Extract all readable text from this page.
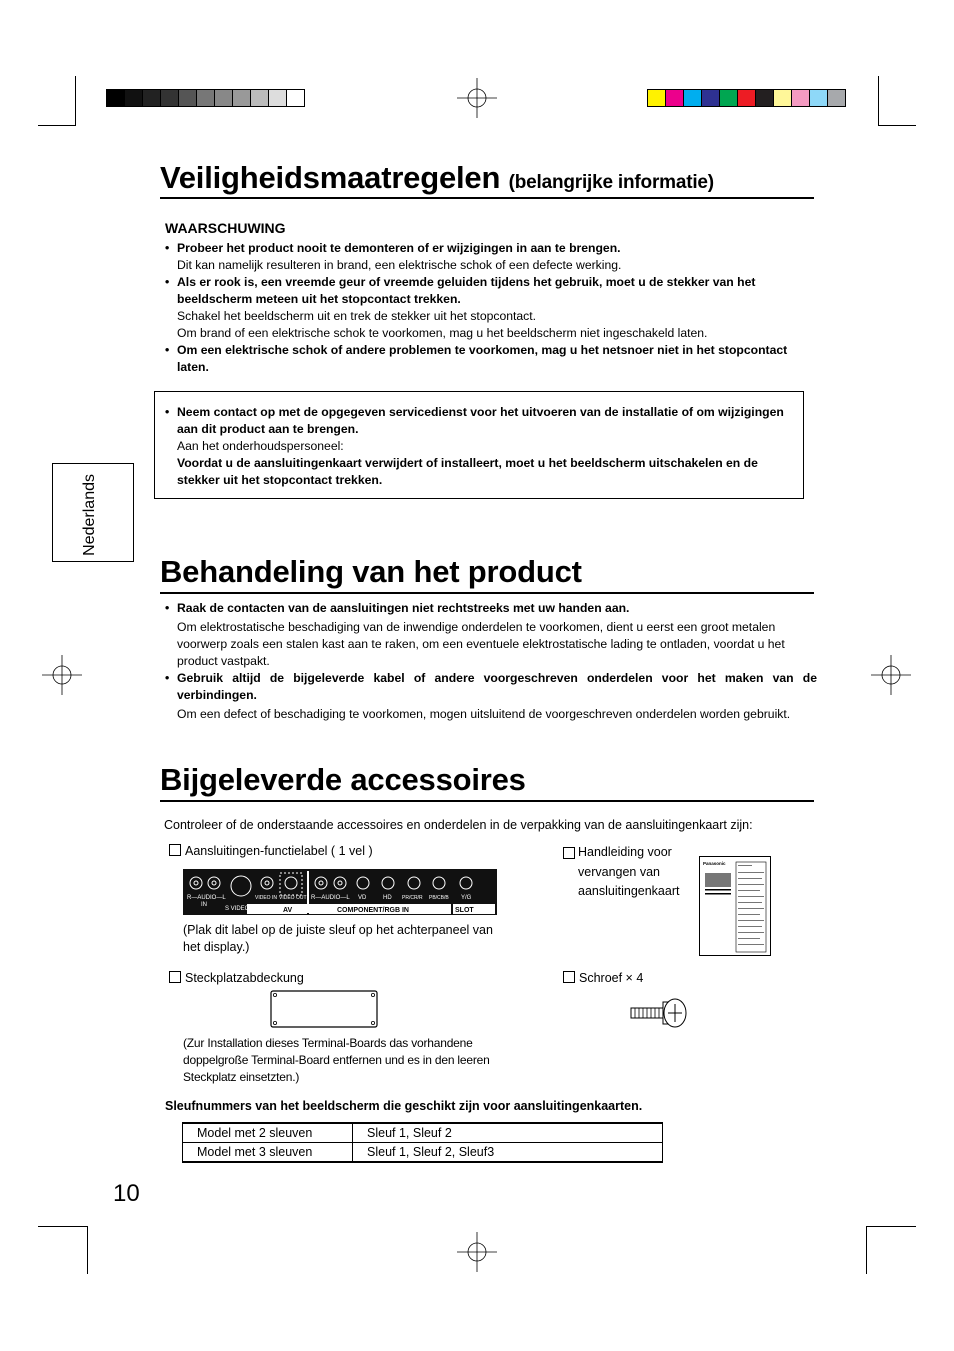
Nederlands
Veiligheidsmaatregelen (belangrijke informatie)
WAARSCHUWING
• Probeer het product nooit te demonteren of er wijzigingen in aan te brengen.
Dit kan namelijk resulteren in brand, een elektrische schok of een defecte werking.
• Als er rook is, een vreemde geur of vreemde geluiden tijdens het gebruik, moet u de stekker van het beeldscherm meteen uit het stopcontact trekken.
Schakel het beeldscherm uit en trek de stekker uit het stopcontact.
Om brand of een elektrische schok te voorkomen, mag u het beeldscherm niet ingeschakeld laten.
• Om een elektrische schok of andere problemen te voorkomen, mag u het netsnoer niet in het stopcontact laten.
• Neem contact op met de opgegeven servicedienst voor het uitvoeren van de installatie of om wijzigingen aan dit product aan te brengen.
Aan het onderhoudspersoneel:
Voordat u de aansluitingenkaart verwijdert of installeert, moet u het beeldscherm uitschakelen en de stekker uit het stopcontact trekken.
Behandeling van het product
• Raak de contacten van de aansluitingen niet rechtstreeks met uw handen aan.
Om elektrostatische beschadiging van de inwendige onderdelen te voorkomen, dient u eerst een groot metalen voorwerp zoals een stalen kast aan te raken, om een eventuele elektrostatische lading te ontladen, voordat u het product vastpakt.
• Gebruik altijd de bijgeleverde kabel of andere voorgeschreven onderdelen voor het maken van de verbindingen.
Om een defect of beschadiging te voorkomen, mogen uitsluitend de voorgeschreven onderdelen worden gebruikt.
Bijgeleverde accessoires
Controleer of de onderstaande accessoires en onderdelen in de verpakking van de aansluitingenkaart zijn:
Aansluitingen-functielabel ( 1 vel )
R—AUDIO—L
IN
S VIDEO IN
VIDEO IN VIDEO OUT R—AUDIO—L VD	HD PR/CR/R PB/CB/B Y/G
AV	COMPONENT/RGB IN	SLOT
(Plak dit label op de juiste sleuf op het achterpaneel van het display.)
Handleiding voor vervangen van aansluitingenkaart
Panasonic
Steckplatzabdeckung
(Zur Installation dieses Terminal-Boards das vorhandene doppelgroße Terminal-Board entfernen und es in den leeren Steckplatz einsetzten.)
Schroef × 4
Sleufnummers van het beeldscherm die geschikt zijn voor aansluitingenkaarten.
Model met 2 sleuven	Sleuf 1, Sleuf 2
Model met 3 sleuven	Sleuf 1, Sleuf 2, Sleuf3
10
